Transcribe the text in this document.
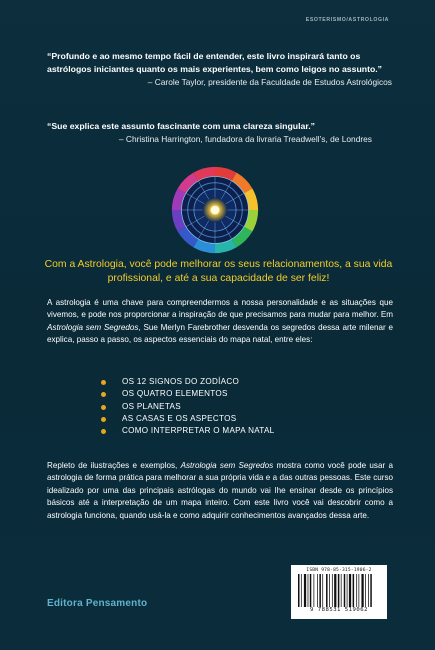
ESOTERISMO/ASTROLOGIA
“Profundo e ao mesmo tempo fácil de entender, este livro inspirará tanto os astrólogos iniciantes quanto os mais experientes, bem como leigos no assunto.”
– Carole Taylor, presidente da Faculdade de Estudos Astrológicos
“Sue explica este assunto fascinante com uma clareza singular.”
– Christina Harrington, fundadora da livraria Treadwell’s, de Londres
Com a Astrologia, você pode melhorar os seus relacionamentos, a sua vida profissional, e até a sua capacidade de ser feliz!

A astrologia é uma chave para compreendermos a nossa personalidade e as situações que vivemos, e pode nos proporcionar a inspiração de que precisamos para mudar para melhor. Em Astrologia sem Segredos, Sue Merlyn Farebrother desvenda os segredos dessa arte milenar e explica, passo a passo, os aspectos essenciais do mapa natal, entre eles:

OS 12 SIGNOS DO ZODÍACO
OS QUATRO ELEMENTOS
OS PLANETAS
AS CASAS E OS ASPECTOS
COMO INTERPRETAR O MAPA NATAL

Repleto de ilustrações e exemplos, Astrologia sem Segredos mostra como você pode usar a astrologia de forma prática para melhorar a sua própria vida e a das outras pessoas. Este curso idealizado por uma das principais astrólogas do mundo vai lhe ensinar desde os princípios básicos até a interpretação de um mapa inteiro. Com este livro você vai descobrir como a astrologia funciona, quando usá-la e como adquirir conhecimentos avançados dessa arte.

Editora Pensamento
ISBN 978-85-315-1906-2
9 788531 519062
